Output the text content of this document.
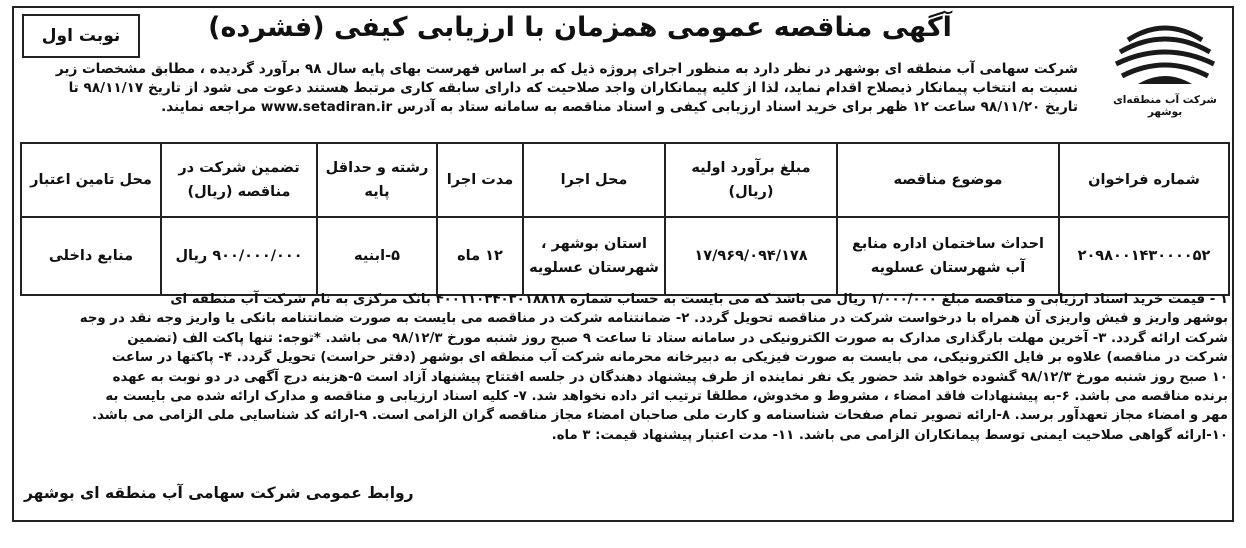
نوبت اول	آگهی مناقصه عمومی همزمان با ارزیابی کیفی (فشرده)
شرکت آب منطقه‌ای بوشهر

شرکت سهامی آب منطقه ای بوشهر در نظر دارد به منظور اجرای پروژه ذیل که بر اساس فهرست بهای پایه سال ۹۸ برآورد گردیده ، مطابق مشخصات زیر

نسبت به انتخاب پیمانکار ذیصلاح اقدام نماید، لذا از کلیه پیمانکاران واجد صلاحیت که دارای سابقه کاری مرتبط هستند دعوت می شود از تاریخ ۹۸/۱۱/۱۷ تا

تاریخ ۹۸/۱۱/۲۰ ساعت ۱۲ ظهر برای خرید اسناد ارزیابی کیفی و اسناد مناقصه به سامانه ستاد به آدرس www.setadiran.ir مراجعه نمایند.

شماره فراخوان	موضوع مناقصه	مبلغ برآورد اولیه (ریال)	محل اجرا	مدت اجرا	رشته و حداقل پایه	تضمین شرکت در مناقصه (ریال)	محل تامین اعتبار
۲۰۹۸۰۰۱۴۳۰۰۰۰۵۲	احداث ساختمان اداره منابع آب شهرستان عسلویه	۱۷/۹۶۹/۰۹۴/۱۷۸	استان بوشهر ، شهرستان عسلویه	۱۲ ماه	۵-ابنیه	۹۰۰/۰۰۰/۰۰۰ ریال	منابع داخلی

۱ - قیمت خرید اسناد ارزیابی و مناقصه مبلغ ۱/۰۰۰/۰۰۰ ریال می باشد که می بایست به حساب شماره ۴۰۰۱۱۰۳۴۰۳۰۱۸۸۱۸ بانک مرکزی به نام شرکت آب منطقه ای

بوشهر واریز و فیش واریزی آن همراه با درخواست شرکت در مناقصه تحویل گردد. ۲- ضمانتنامه شرکت در مناقصه می بایست به صورت ضمانتنامه بانکی یا واریز وجه نقد در وجه

شرکت ارائه گردد. ۳- آخرین مهلت بارگذاری مدارک به صورت الکترونیکی در سامانه ستاد تا ساعت ۹ صبح روز شنبه مورخ ۹۸/۱۲/۳ می باشد. *توجه: تنها پاکت الف (تضمین

شرکت در مناقصه) علاوه بر فایل الکترونیکی، می بایست به صورت فیزیکی به دبیرخانه محرمانه شرکت آب منطقه ای بوشهر (دفتر حراست) تحویل گردد. ۴- پاکتها در ساعت

۱۰ صبح روز شنبه مورخ ۹۸/۱۲/۳ گشوده خواهد شد حضور یک نفر نماینده از طرف پیشنهاد دهندگان در جلسه افتتاح پیشنهاد آزاد است ۵-هزینه درج آگهی در دو نوبت به عهده

برنده مناقصه می باشد. ۶-به پیشنهادات فاقد امضاء ، مشروط و مخدوش، مطلقا ترتیب اثر داده نخواهد شد. ۷- کلیه اسناد ارزیابی و مناقصه و مدارک ارائه شده می بایست به

مهر و امضاء مجاز تعهدآور برسد. ۸-ارائه تصویر تمام صفحات شناسنامه و کارت ملی صاحبان امضاء مجاز مناقصه گران الزامی است. ۹-ارائه کد شناسایی ملی الزامی می باشد.

۱۰-ارائه گواهی صلاحیت ایمنی توسط پیمانکاران الزامی می باشد. ۱۱- مدت اعتبار پیشنهاد قیمت: ۳ ماه.

روابط عمومی شرکت سهامی آب منطقه ای بوشهر
